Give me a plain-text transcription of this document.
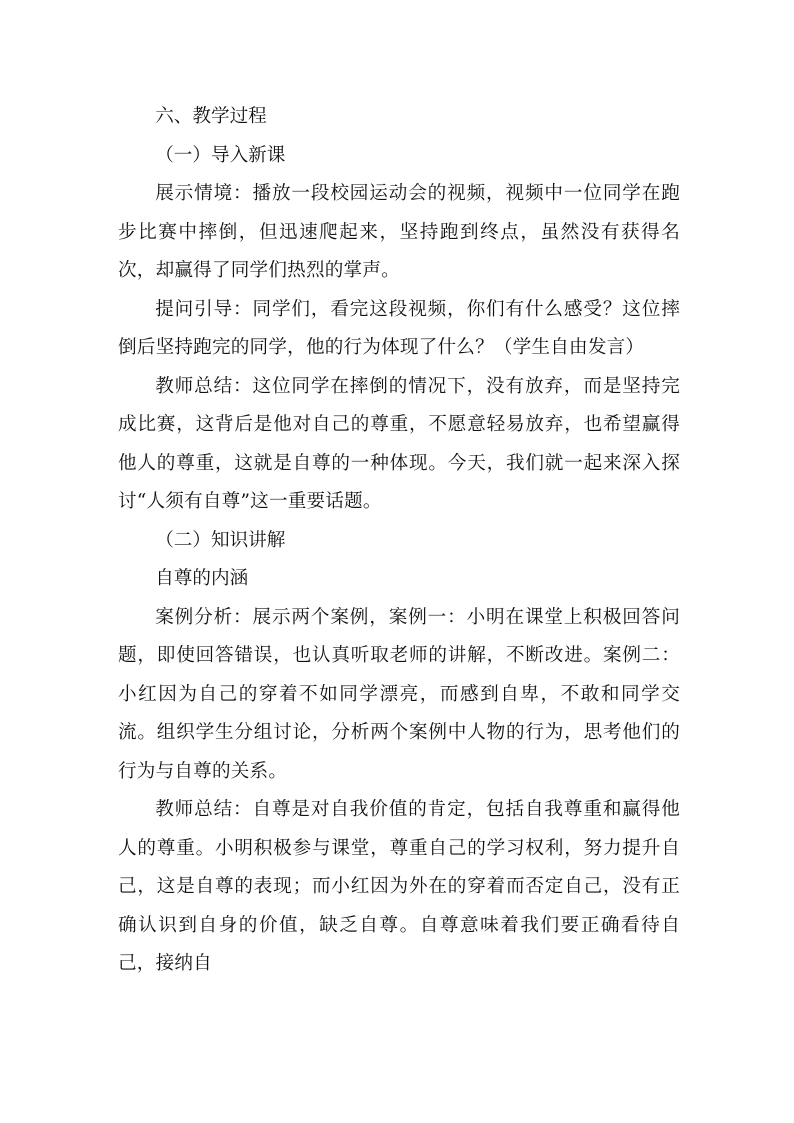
六、教学过程

（一）导入新课

展示情境：播放一段校园运动会的视频，视频中一位同学在跑步比赛中摔倒，但迅速爬起来，坚持跑到终点，虽然没有获得名次，却赢得了同学们热烈的掌声。

提问引导：同学们，看完这段视频，你们有什么感受？这位摔倒后坚持跑完的同学，他的行为体现了什么？（学生自由发言）

教师总结：这位同学在摔倒的情况下，没有放弃，而是坚持完成比赛，这背后是他对自己的尊重，不愿意轻易放弃，也希望赢得他人的尊重，这就是自尊的一种体现。今天，我们就一起来深入探讨“人须有自尊”这一重要话题。

（二）知识讲解

自尊的内涵

案例分析：展示两个案例，案例一：小明在课堂上积极回答问题，即使回答错误，也认真听取老师的讲解，不断改进。案例二：小红因为自己的穿着不如同学漂亮，而感到自卑，不敢和同学交流。组织学生分组讨论，分析两个案例中人物的行为，思考他们的行为与自尊的关系。

教师总结：自尊是对自我价值的肯定，包括自我尊重和赢得他人的尊重。小明积极参与课堂，尊重自己的学习权利，努力提升自己，这是自尊的表现；而小红因为外在的穿着而否定自己，没有正确认识到自身的价值，缺乏自尊。自尊意味着我们要正确看待自己，接纳自
